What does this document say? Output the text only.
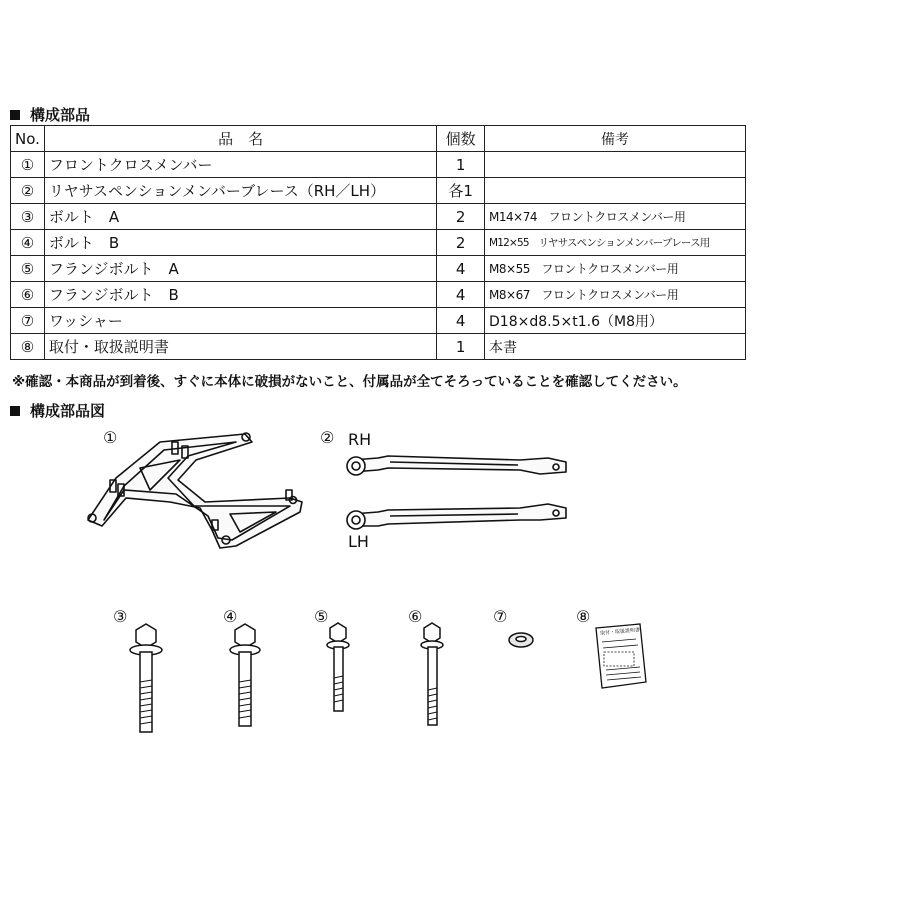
構成部品
No.	品　名	個数	備考
①	フロントクロスメンバー	1	
②	リヤサスペンションメンバーブレース（RH／LH）	各1	
③	ボルト　A	2	M14×74　フロントクロスメンバー用
④	ボルト　B	2	M12×55　リヤサスペンションメンバーブレース用
⑤	フランジボルト　A	4	M8×55　フロントクロスメンバー用
⑥	フランジボルト　B	4	M8×67　フロントクロスメンバー用
⑦	ワッシャー	4	D18×d8.5×t1.6（M8用）
⑧	取付・取扱説明書	1	本書
※確認・本商品が到着後、すぐに本体に破損がないこと、付属品が全てそろっていることを確認してください。
構成部品図
①	② RH
LH
③	④	⑤	⑥	⑦	⑧
取付・取扱説明書
